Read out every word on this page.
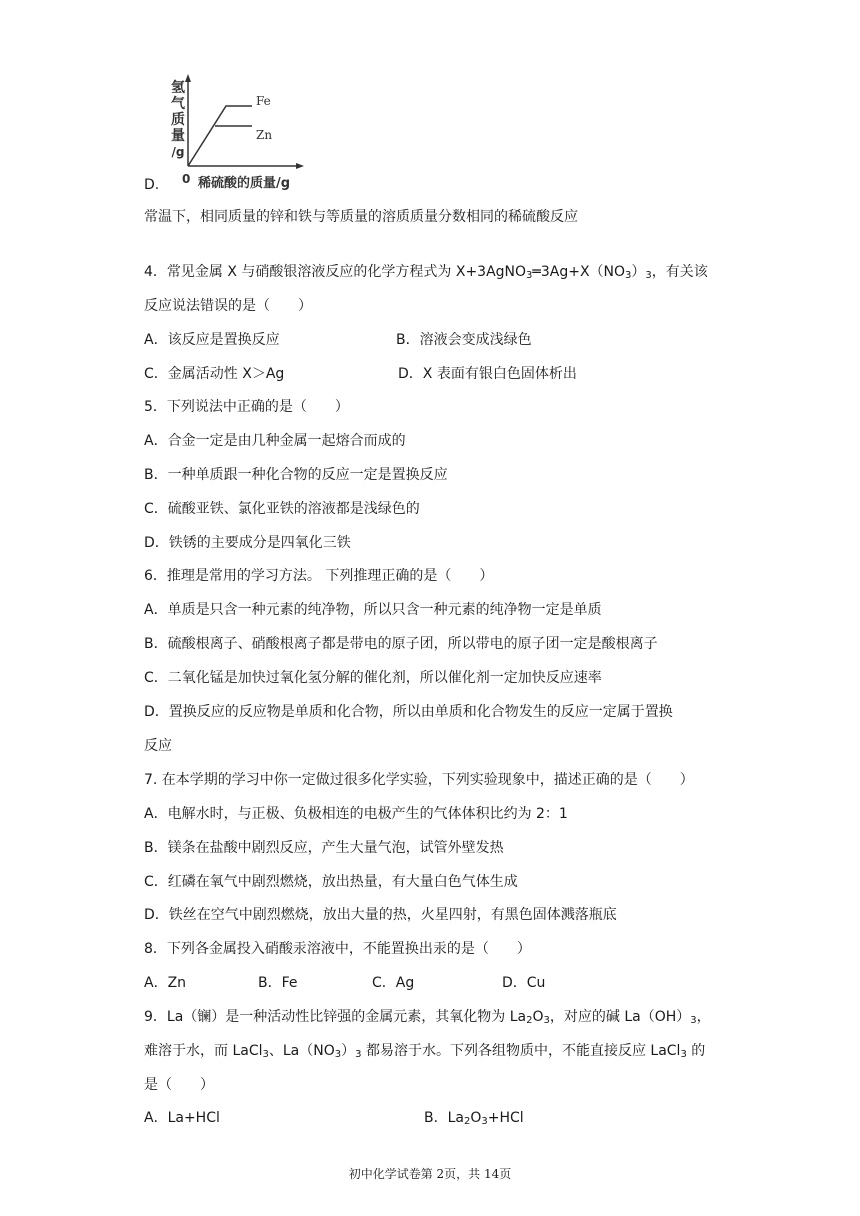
氢
气
质
量
/g
Fe
Zn
0 稀硫酸的质量/g
D.
常温下，相同质量的锌和铁与等质量的溶质质量分数相同的稀硫酸反应
4．常见金属 X 与硝酸银溶液反应的化学方程式为 $X+3AgNO_3═3Ag+X(NO_3)_3$，有关该
反应说法错误的是（　　）
A．该反应是置换反应	B．溶液会变成浅绿色
C．金属活动性 X＞Ag	D．X 表面有银白色固体析出
5．下列说法中正确的是（　　）
A．合金一定是由几种金属一起熔合而成的
B．一种单质跟一种化合物的反应一定是置换反应
C．硫酸亚铁、氯化亚铁的溶液都是浅绿色的
D．铁锈的主要成分是四氧化三铁
6．推理是常用的学习方法。 下列推理正确的是（　　）
A．单质是只含一种元素的纯净物，所以只含一种元素的纯净物一定是单质
B．硫酸根离子、硝酸根离子都是带电的原子团，所以带电的原子团一定是酸根离子
C．二氧化锰是加快过氧化氢分解的催化剂，所以催化剂一定加快反应速率
D．置换反应的反应物是单质和化合物，所以由单质和化合物发生的反应一定属于置换
反应
7. 在本学期的学习中你一定做过很多化学实验，下列实验现象中，描述正确的是（　　）
A．电解水时，与正极、负极相连的电极产生的气体体积比约为 2：1
B．镁条在盐酸中剧烈反应，产生大量气泡，试管外壁发热
C．红磷在氧气中剧烈燃烧，放出热量，有大量白色气体生成
D．铁丝在空气中剧烈燃烧，放出大量的热，火星四射，有黑色固体溅落瓶底
8．下列各金属投入硝酸汞溶液中，不能置换出汞的是（　　）
A．Zn	B．Fe	C．Ag	D．Cu
9．La（镧）是一种活动性比锌强的金属元素，其氧化物为 $La_2O_3$，对应的碱 $La(OH)_3$，
难溶于水，而 LaCl$_3$、$La(NO_3)_3$ 都易溶于水。下列各组物质中，不能直接反应 LaCl$_3$ 的
是（　　）
A．La+HCl	B．$La_2O_3+HCl$
初中化学试卷第 2页，共 14页
